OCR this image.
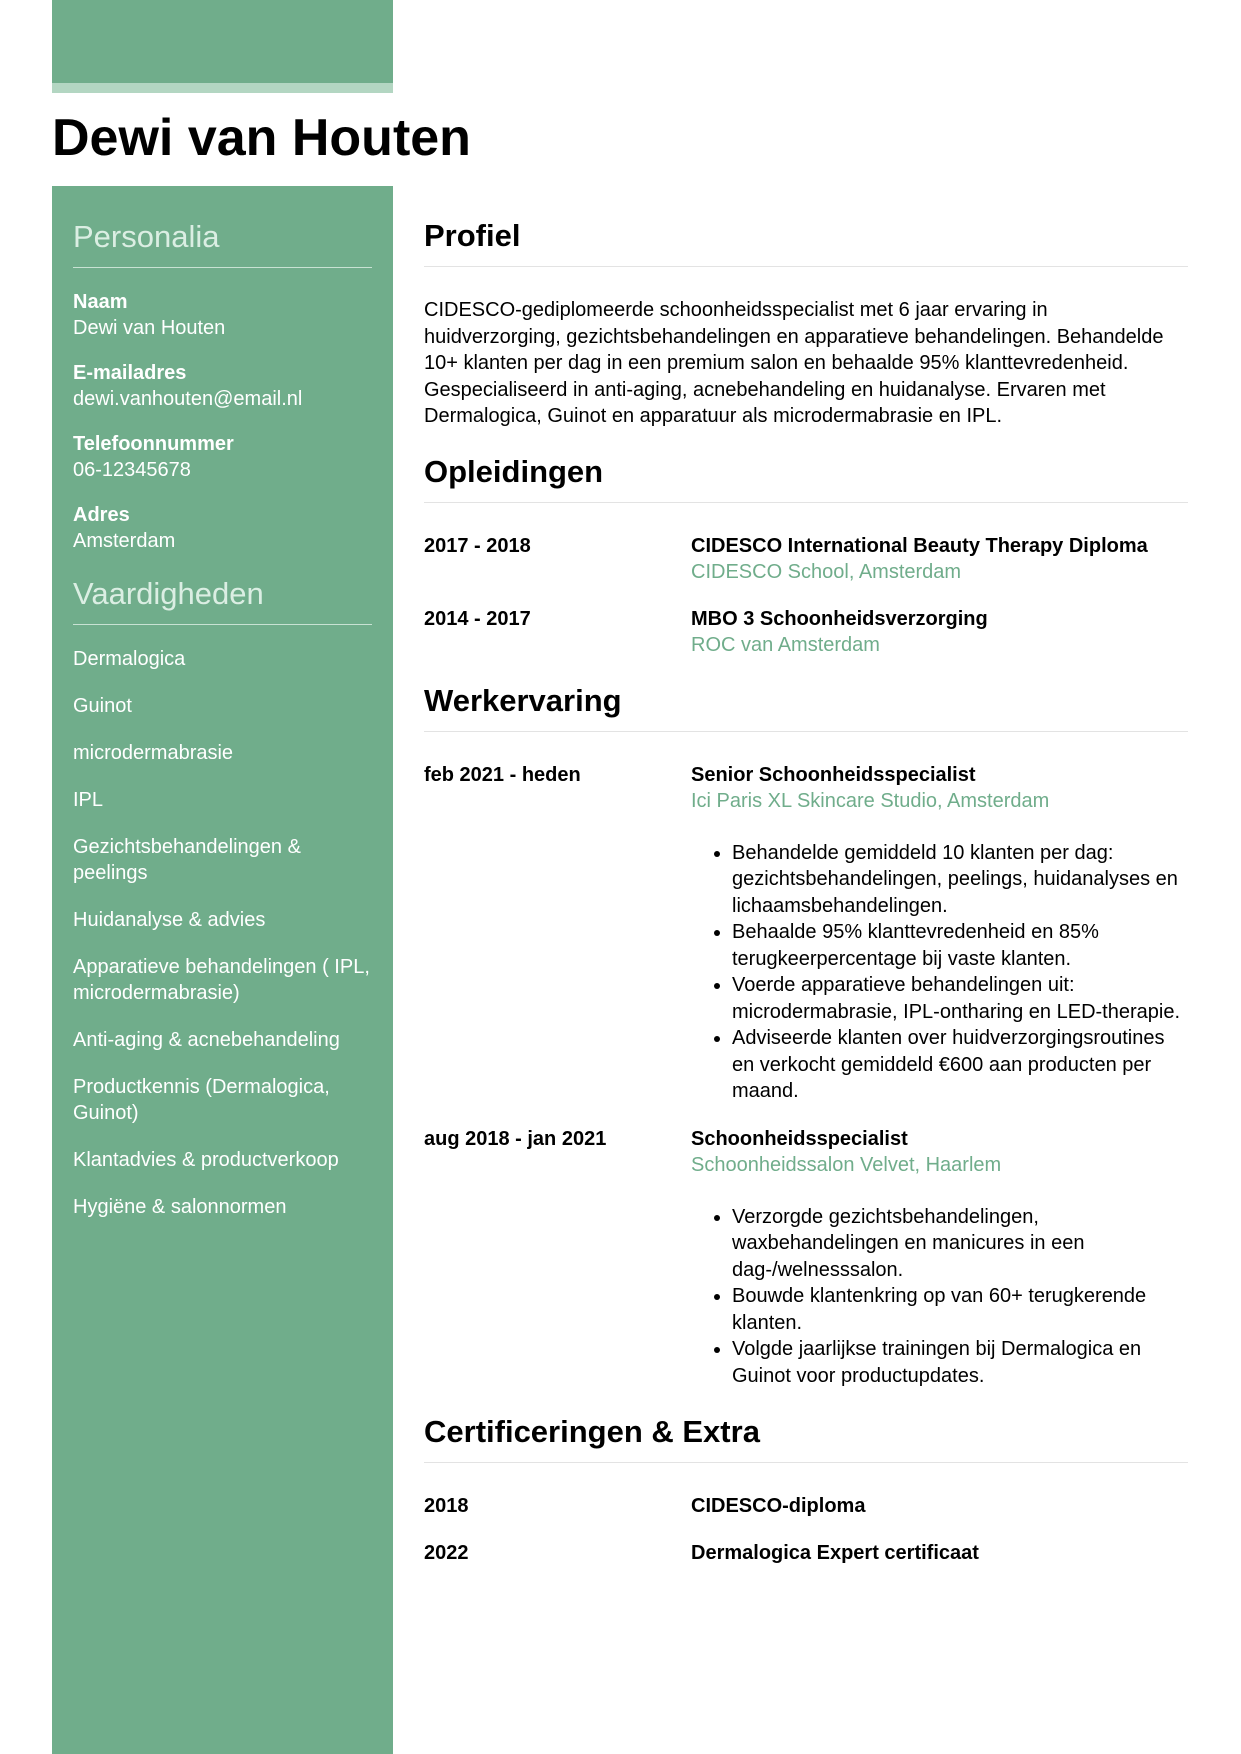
Dewi van Houten
Personalia
Naam
Dewi van Houten
E-mailadres
dewi.vanhouten@email.nl
Telefoonnummer
06-12345678
Adres
Amsterdam
Vaardigheden
Dermalogica
Guinot
microdermabrasie
IPL
Gezichtsbehandelingen & peelings
Huidanalyse & advies
Apparatieve behandelingen ( IPL, microdermabrasie)
Anti-aging & acnebehandeling
Productkennis (Dermalogica, Guinot)
Klantadvies & productverkoop
Hygiëne & salonnormen
Profiel

CIDESCO-gediplomeerde schoonheidsspecialist met 6 jaar ervaring in huidverzorging, gezichtsbehandelingen en apparatieve behandelingen. Behandelde 10+ klanten per dag in een premium salon en behaalde 95% klanttevredenheid. Gespecialiseerd in anti-aging, acnebehandeling en huidanalyse. Ervaren met Dermalogica, Guinot en apparatuur als microdermabrasie en IPL.

Opleidingen
2017 - 2018	CIDESCO International Beauty Therapy Diploma
CIDESCO School, Amsterdam
2014 - 2017	MBO 3 Schoonheidsverzorging
ROC van Amsterdam
Werkervaring
feb 2021 - heden	Senior Schoonheidsspecialist
Ici Paris XL Skincare Studio, Amsterdam
• Behandelde gemiddeld 10 klanten per dag: gezichtsbehandelingen, peelings, huidanalyses en lichaamsbehandelingen.
• Behaalde 95% klanttevredenheid en 85% terugkeerpercentage bij vaste klanten.
• Voerde apparatieve behandelingen uit: microdermabrasie, IPL-ontharing en LED-therapie.
• Adviseerde klanten over huidverzorgingsroutines en verkocht gemiddeld €600 aan producten per maand.
aug 2018 - jan 2021	Schoonheidsspecialist
Schoonheidssalon Velvet, Haarlem
• Verzorgde gezichtsbehandelingen, waxbehandelingen en manicures in een dag-/welnesssalon.
• Bouwde klantenkring op van 60+ terugkerende klanten.
• Volgde jaarlijkse trainingen bij Dermalogica en Guinot voor productupdates.
Certificeringen & Extra
2018	CIDESCO-diploma
2022	Dermalogica Expert certificaat
